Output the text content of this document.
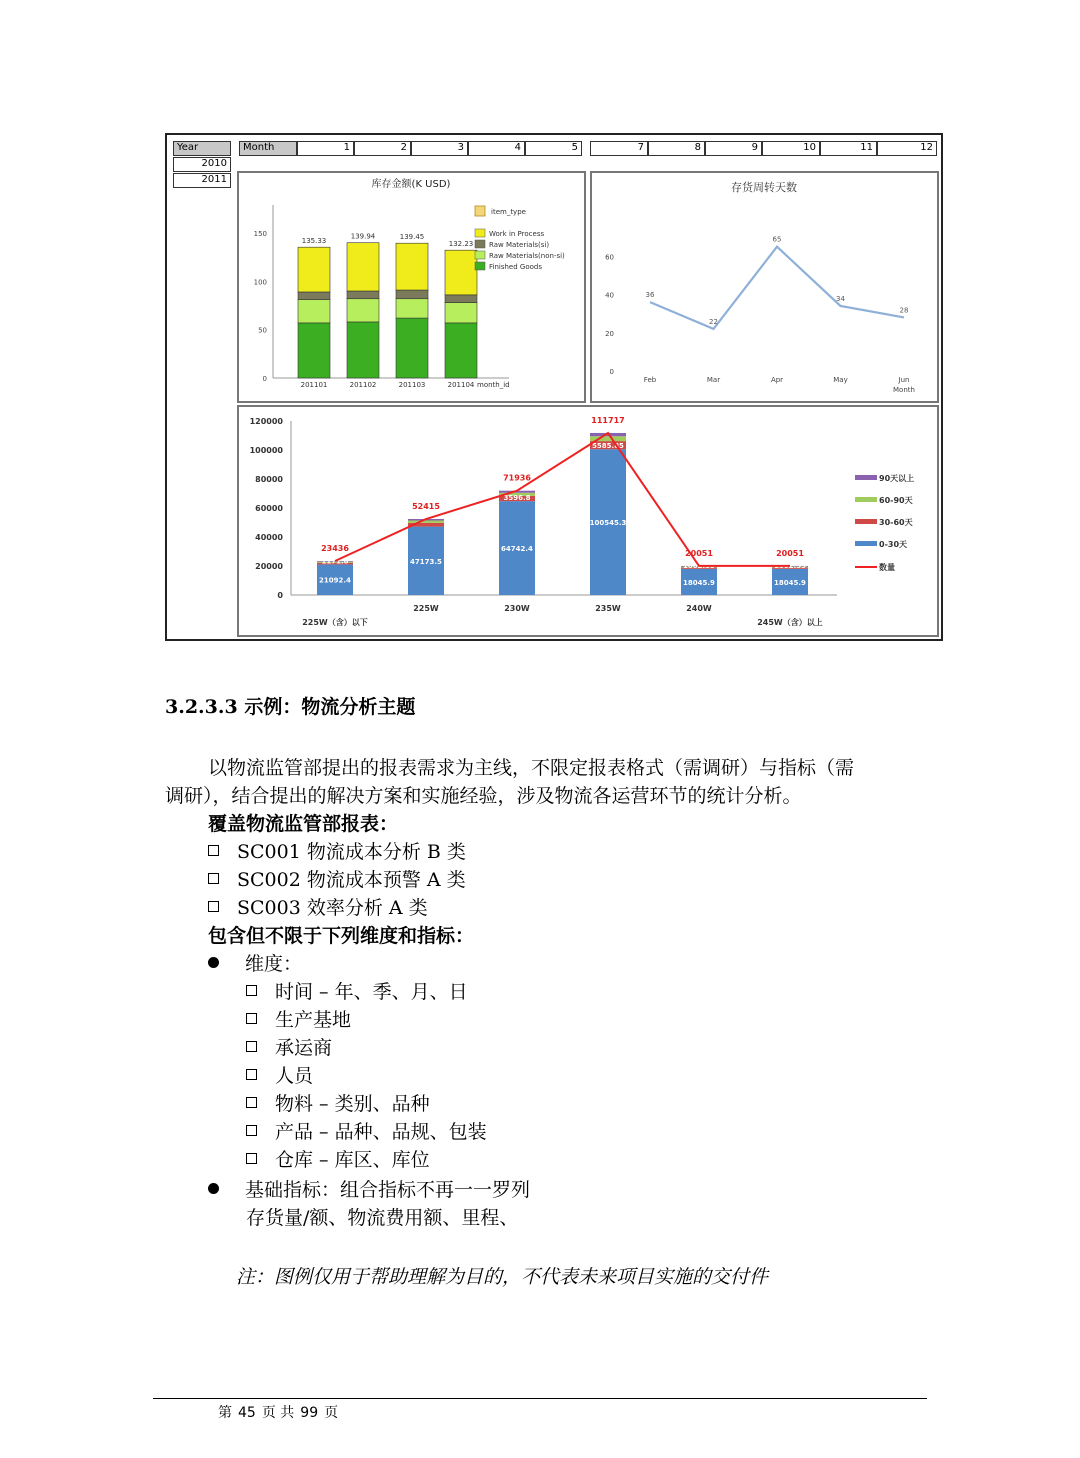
Year
2010
2011
Month	1	2	3	4	5	7	8	9	10	11	12
库存金额(K USD)
0
50
100
150
135.33
201101
139.94
201102
139.45
201103
132.23
201104 month_id
item_type
Work in Process
Raw Materials(si)
Raw Materials(non-si)
Finished Goods
存货周转天数
0
20
40
60
36
Feb
22
Mar
65
Apr
34
May
28
Jun
Month
0
20000
40000
60000
80000
100000
120000
21092.4
1171.8	47173.5
225W
64742.4
3596.8
230W
100545.3
5585.85
235W
18045.9
1002.55
240W
18045.9
1002.55
225W（含）以下	245W（含）以上
23436
52415
71936
111717
20051	20051
90天以上
60-90天
30-60天
0-30天
数量
3.2.3.3 示例：物流分析主题
以物流监管部提出的报表需求为主线，不限定报表格式（需调研）与指标（需
调研），结合提出的解决方案和实施经验，涉及物流各运营环节的统计分析。
覆盖物流监管部报表：
SC001 物流成本分析 B 类
SC002 物流成本预警 A 类
SC003 效率分析 A 类
包含但不限于下列维度和指标：
维度：
时间 – 年、季、月、日
生产基地
承运商
人员
物料 – 类别、品种
产品 – 品种、品规、包装
仓库 – 库区、库位
基础指标：组合指标不再一一罗列
存货量/额、物流费用额、里程、
注：图例仅用于帮助理解为目的，不代表未来项目实施的交付件
第 45 页 共 99 页
